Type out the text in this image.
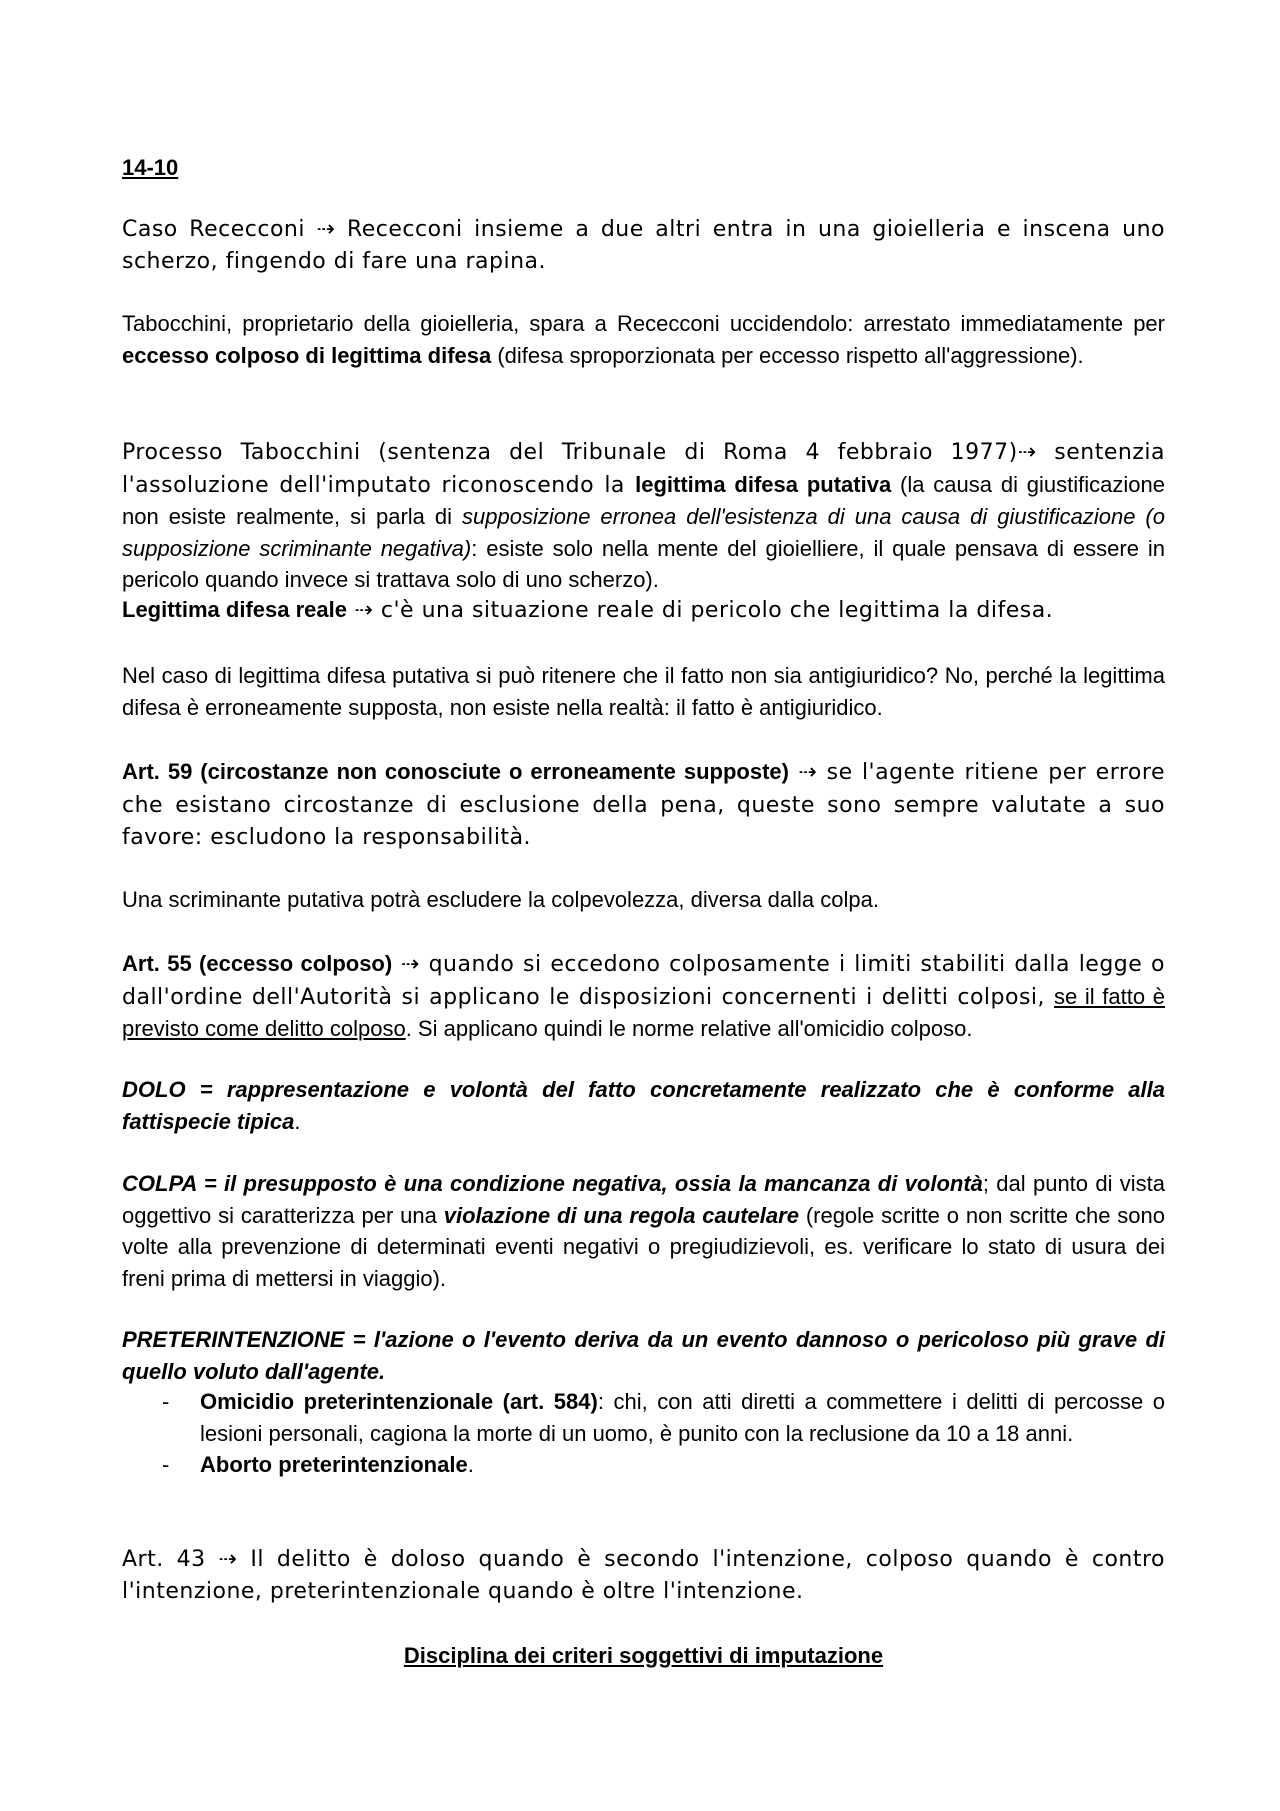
14-10

Caso Rececconi ⇢ Rececconi insieme a due altri entra in una gioielleria e inscena uno scherzo, fingendo di fare una rapina.

Tabocchini, proprietario della gioielleria, spara a Rececconi uccidendolo: arrestato immediatamente per eccesso colposo di legittima difesa (difesa sproporzionata per eccesso rispetto all'aggressione).

Processo Tabocchini (sentenza del Tribunale di Roma 4 febbraio 1977)⇢ sentenzia l'assoluzione dell'imputato riconoscendo la legittima difesa putativa (la causa di giustificazione non esiste realmente, si parla di supposizione erronea dell'esistenza di una causa di giustificazione (o supposizione scriminante negativa): esiste solo nella mente del gioielliere, il quale pensava di essere in pericolo quando invece si trattava solo di uno scherzo).

Legittima difesa reale ⇢ c'è una situazione reale di pericolo che legittima la difesa.

Nel caso di legittima difesa putativa si può ritenere che il fatto non sia antigiuridico? No, perché la legittima difesa è erroneamente supposta, non esiste nella realtà: il fatto è antigiuridico.

Art. 59 (circostanze non conosciute o erroneamente supposte) ⇢ se l'agente ritiene per errore che esistano circostanze di esclusione della pena, queste sono sempre valutate a suo favore: escludono la responsabilità.

Una scriminante putativa potrà escludere la colpevolezza, diversa dalla colpa.

Art. 55 (eccesso colposo) ⇢ quando si eccedono colposamente i limiti stabiliti dalla legge o dall'ordine dell'Autorità si applicano le disposizioni concernenti i delitti colposi, se il fatto è previsto come delitto colposo. Si applicano quindi le norme relative all'omicidio colposo.

DOLO = rappresentazione e volontà del fatto concretamente realizzato che è conforme alla fattispecie tipica.

COLPA = il presupposto è una condizione negativa, ossia la mancanza di volontà; dal punto di vista oggettivo si caratterizza per una violazione di una regola cautelare (regole scritte o non scritte che sono volte alla prevenzione di determinati eventi negativi o pregiudizievoli, es. verificare lo stato di usura dei freni prima di mettersi in viaggio).

PRETERINTENZIONE = l'azione o l'evento deriva da un evento dannoso o pericoloso più grave di quello voluto dall'agente.

- Omicidio preterintenzionale (art. 584): chi, con atti diretti a commettere i delitti di percosse o lesioni personali, cagiona la morte di un uomo, è punito con la reclusione da 10 a 18 anni.
- Aborto preterintenzionale.

Art. 43 ⇢ Il delitto è doloso quando è secondo l'intenzione, colposo quando è contro l'intenzione, preterintenzionale quando è oltre l'intenzione.

Disciplina dei criteri soggettivi di imputazione
